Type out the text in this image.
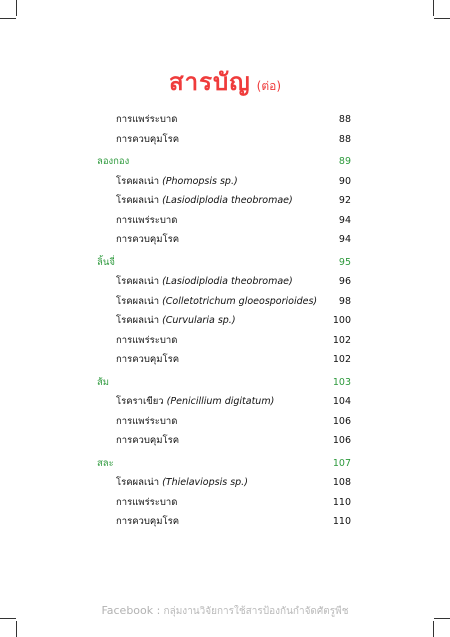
สารบัญ (ต่อ)
การแพร่ระบาด	88
การควบคุมโรค	88
ลองกอง	89
โรคผลเน่า (Phomopsis sp.)	90
โรคผลเน่า (Lasiodiplodia theobromae)	92
การแพร่ระบาด	94
การควบคุมโรค	94
ลิ้นจี่	95
โรคผลเน่า (Lasiodiplodia theobromae)	96
โรคผลเน่า (Colletotrichum gloeosporioides) 98
โรคผลเน่า (Curvularia sp.)	100
การแพร่ระบาด	102
การควบคุมโรค	102
ส้ม	103
โรคราเขียว (Penicillium digitatum)	104
การแพร่ระบาด	106
การควบคุมโรค	106
สละ	107
โรคผลเน่า (Thielaviopsis sp.)	108
การแพร่ระบาด	110
การควบคุมโรค	110
Facebook : กลุ่มงานวิจัยการใช้สารป้องกันกำจัดศัตรูพืช
